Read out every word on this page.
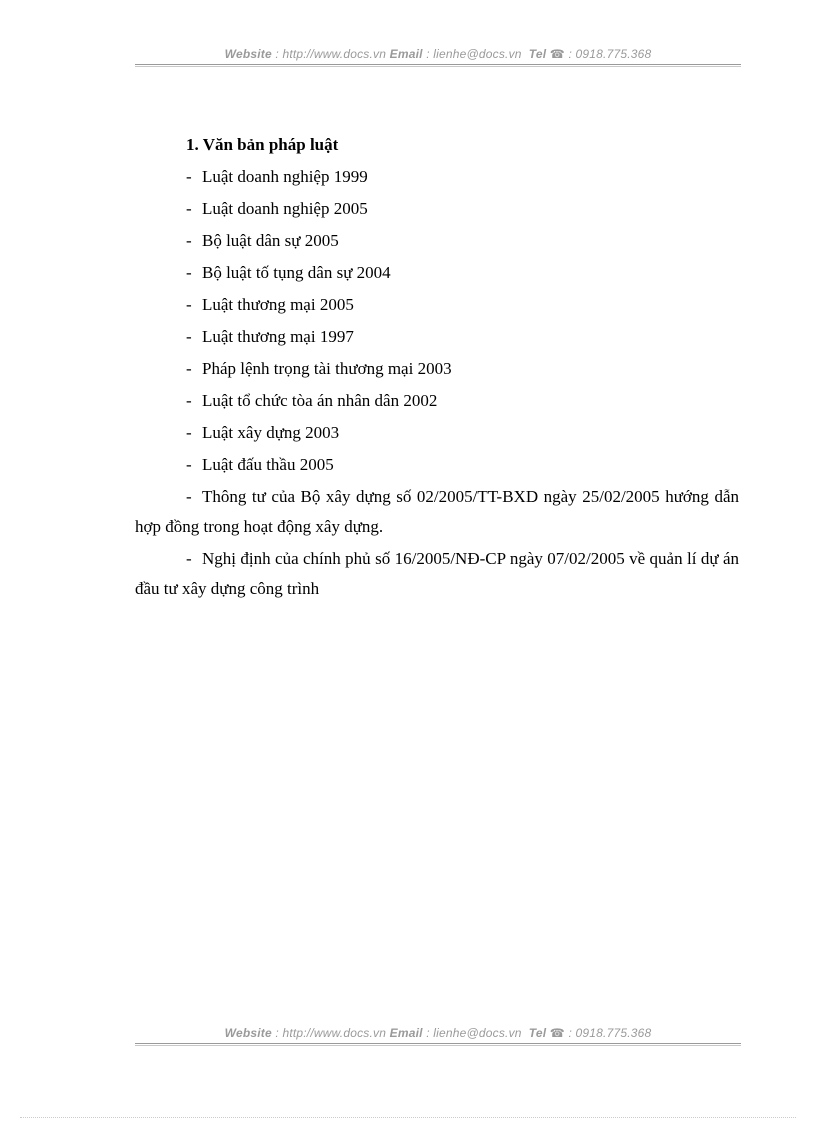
Website : http://www.docs.vn Email : lienhe@docs.vn Tel ☎ : 0918.775.368
1. Văn bản pháp luật
- Luật doanh nghiệp 1999
- Luật doanh nghiệp 2005
- Bộ luật dân sự 2005
- Bộ luật tố tụng dân sự 2004
- Luật thương mại 2005
- Luật thương mại 1997
- Pháp lệnh trọng tài thương mại 2003
- Luật tổ chức tòa án nhân dân 2002
- Luật xây dựng 2003
- Luật đấu thầu 2005

- Thông tư của Bộ xây dựng số 02/2005/TT-BXD ngày 25/02/2005 hướng dẫn hợp đồng trong hoạt động xây dựng.

- Nghị định của chính phủ số 16/2005/NĐ-CP ngày 07/02/2005 về quản lí dự án đầu tư xây dựng công trình

Website : http://www.docs.vn Email : lienhe@docs.vn Tel ☎ : 0918.775.368
